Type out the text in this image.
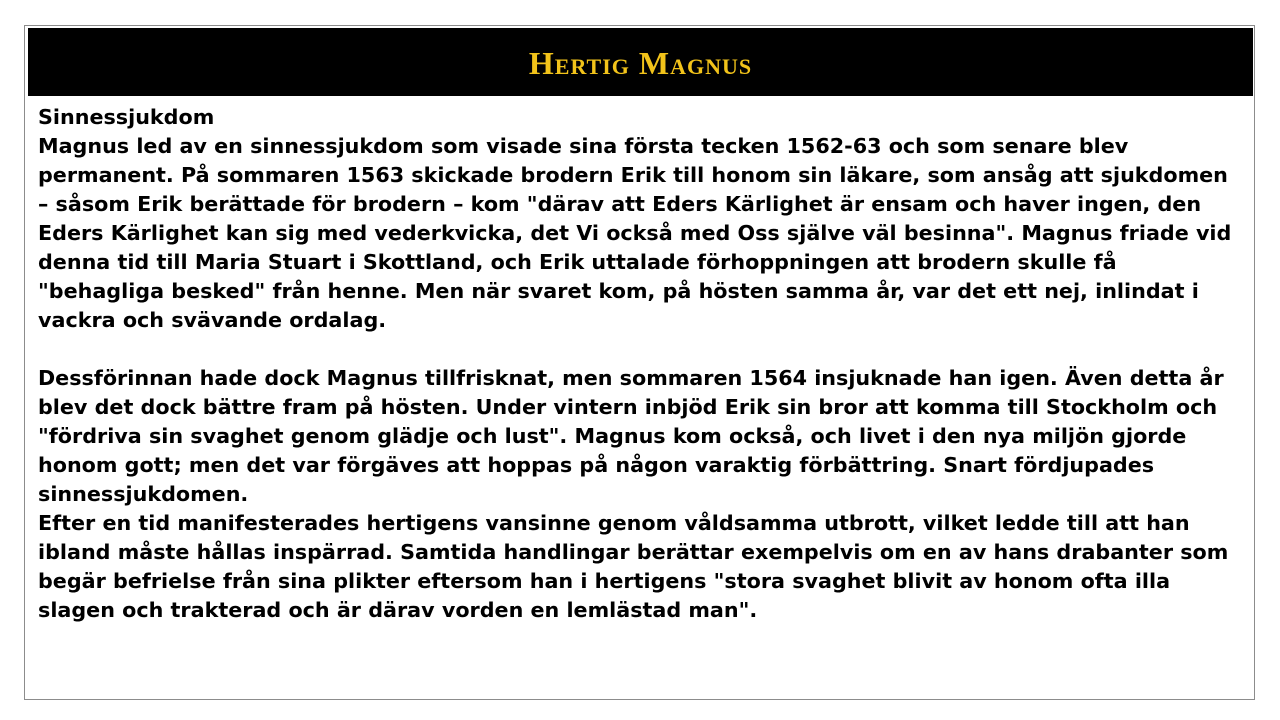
Hertig Magnus

Sinnessjukdom

Magnus led av en sinnessjukdom som visade sina första tecken 1562-63 och som senare blev permanent. På sommaren 1563 skickade brodern Erik till honom sin läkare, som ansåg att sjukdomen – såsom Erik berättade för brodern – kom "därav att Eders Kärlighet är ensam och haver ingen, den Eders Kärlighet kan sig med vederkvicka, det Vi också med Oss själve väl besinna". Magnus friade vid denna tid till Maria Stuart i Skottland, och Erik uttalade förhoppningen att brodern skulle få "behagliga besked" från henne. Men när svaret kom, på hösten samma år, var det ett nej, inlindat i vackra och svävande ordalag.

Dessförinnan hade dock Magnus tillfrisknat, men sommaren 1564 insjuknade han igen. Även detta år blev det dock bättre fram på hösten. Under vintern inbjöd Erik sin bror att komma till Stockholm och "fördriva sin svaghet genom glädje och lust". Magnus kom också, och livet i den nya miljön gjorde honom gott; men det var förgäves att hoppas på någon varaktig förbättring. Snart fördjupades sinnessjukdomen.

Efter en tid manifesterades hertigens vansinne genom våldsamma utbrott, vilket ledde till att han ibland måste hållas inspärrad. Samtida handlingar berättar exempelvis om en av hans drabanter som begär befrielse från sina plikter eftersom han i hertigens "stora svaghet blivit av honom ofta illa slagen och trakterad och är därav vorden en lemlästad man".
